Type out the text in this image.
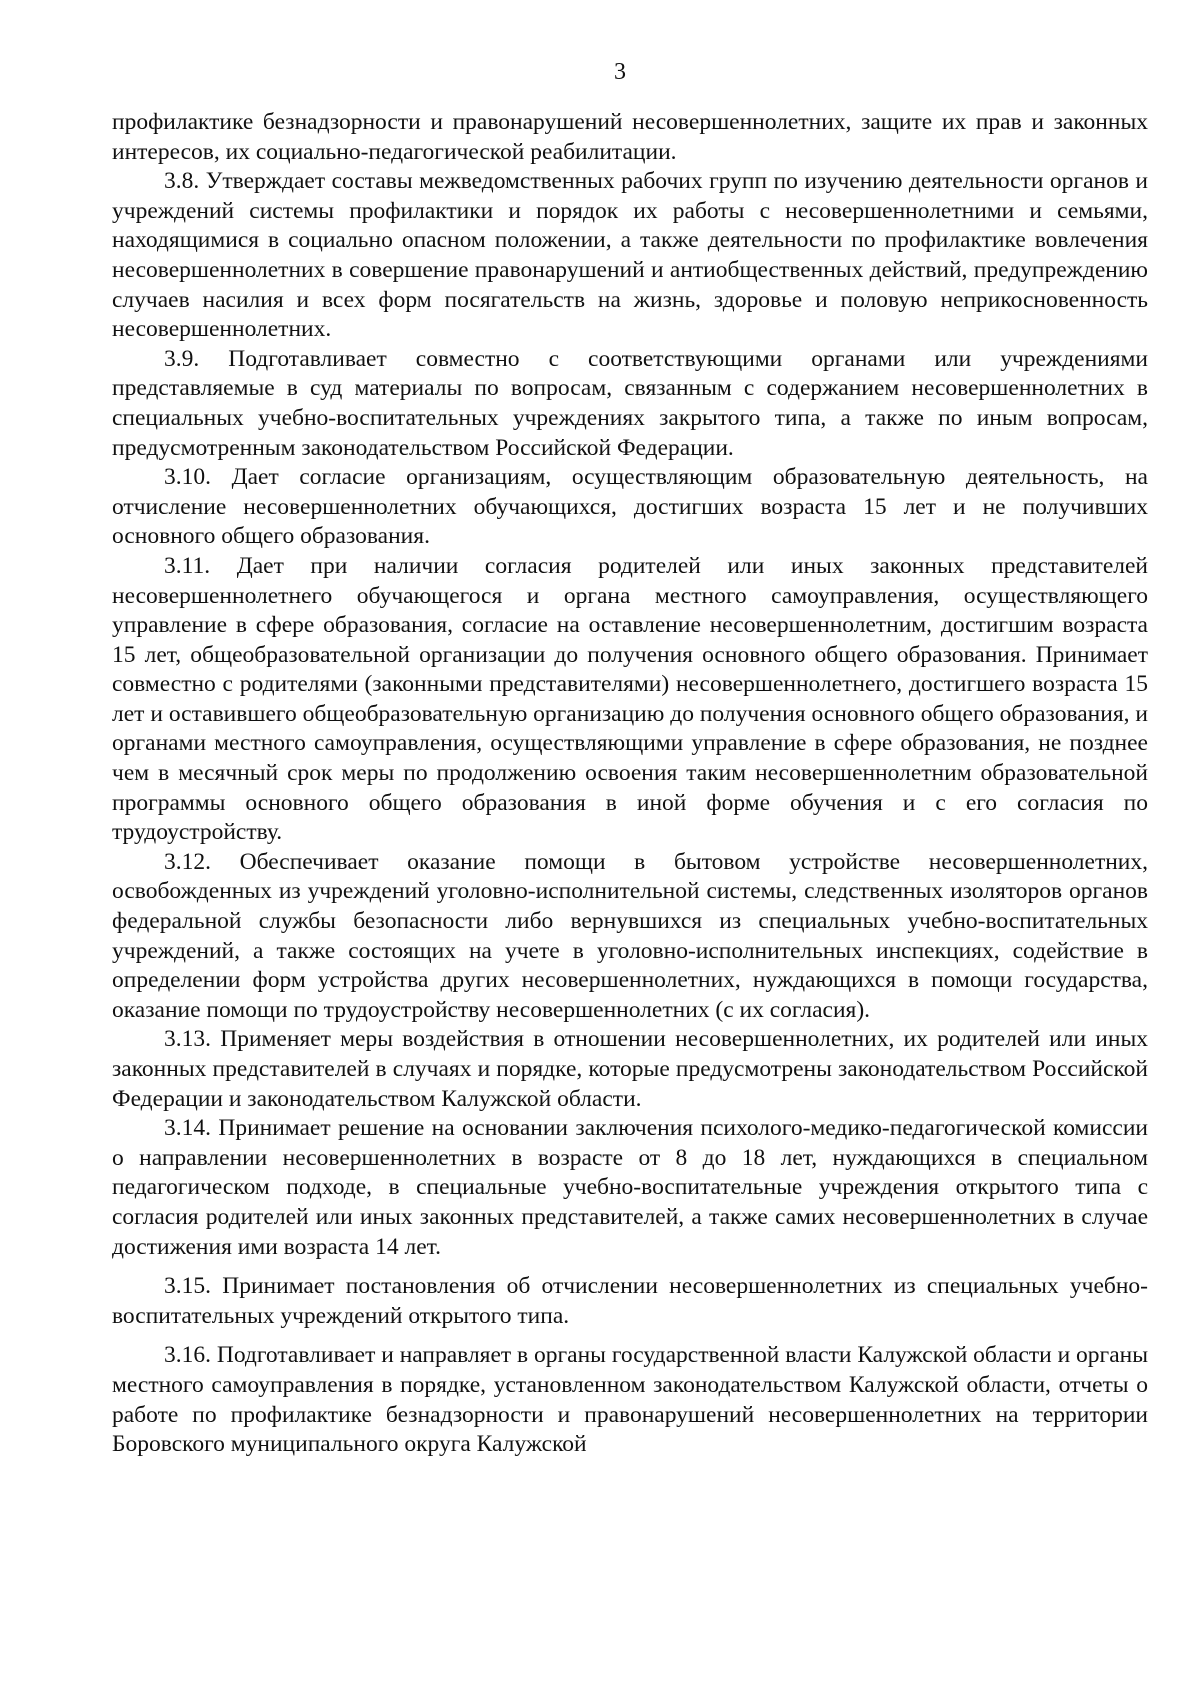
3

профилактике безнадзорности и правонарушений несовершеннолетних, защите их прав и законных интересов, их социально-педагогической реабилитации.

3.8. Утверждает составы межведомственных рабочих групп по изучению деятельности органов и учреждений системы профилактики и порядок их работы с несовершеннолетними и семьями, находящимися в социально опасном положении, а также деятельности по профилактике вовлечения несовершеннолетних в совершение правонарушений и антиобщественных действий, предупреждению случаев насилия и всех форм посягательств на жизнь, здоровье и половую неприкосновенность несовершеннолетних.

3.9. Подготавливает совместно с соответствующими органами или учреждениями представляемые в суд материалы по вопросам, связанным с содержанием несовершеннолетних в специальных учебно-воспитательных учреждениях закрытого типа, а также по иным вопросам, предусмотренным законодательством Российской Федерации.

3.10. Дает согласие организациям, осуществляющим образовательную деятельность, на отчисление несовершеннолетних обучающихся, достигших возраста 15 лет и не получивших основного общего образования.

3.11. Дает при наличии согласия родителей или иных законных представителей несовершеннолетнего обучающегося и органа местного самоуправления, осуществляющего управление в сфере образования, согласие на оставление несовершеннолетним, достигшим возраста 15 лет, общеобразовательной организации до получения основного общего образования. Принимает совместно с родителями (законными представителями) несовершеннолетнего, достигшего возраста 15 лет и оставившего общеобразовательную организацию до получения основного общего образования, и органами местного самоуправления, осуществляющими управление в сфере образования, не позднее чем в месячный срок меры по продолжению освоения таким несовершеннолетним образовательной программы основного общего образования в иной форме обучения и с его согласия по трудоустройству.

3.12. Обеспечивает оказание помощи в бытовом устройстве несовершеннолетних, освобожденных из учреждений уголовно-исполнительной системы, следственных изоляторов органов федеральной службы безопасности либо вернувшихся из специальных учебно-воспитательных учреждений, а также состоящих на учете в уголовно-исполнительных инспекциях, содействие в определении форм устройства других несовершеннолетних, нуждающихся в помощи государства, оказание помощи по трудоустройству несовершеннолетних (с их согласия).

3.13. Применяет меры воздействия в отношении несовершеннолетних, их родителей или иных законных представителей в случаях и порядке, которые предусмотрены законодательством Российской Федерации и законодательством Калужской области.

3.14. Принимает решение на основании заключения психолого-медико-педагогической комиссии о направлении несовершеннолетних в возрасте от 8 до 18 лет, нуждающихся в специальном педагогическом подходе, в специальные учебно-воспитательные учреждения открытого типа с согласия родителей или иных законных представителей, а также самих несовершеннолетних в случае достижения ими возраста 14 лет.

3.15. Принимает постановления об отчислении несовершеннолетних из специальных учебно-воспитательных учреждений открытого типа.

3.16. Подготавливает и направляет в органы государственной власти Калужской области и органы местного самоуправления в порядке, установленном законодательством Калужской области, отчеты о работе по профилактике безнадзорности и правонарушений несовершеннолетних на территории Боровского муниципального округа Калужской
